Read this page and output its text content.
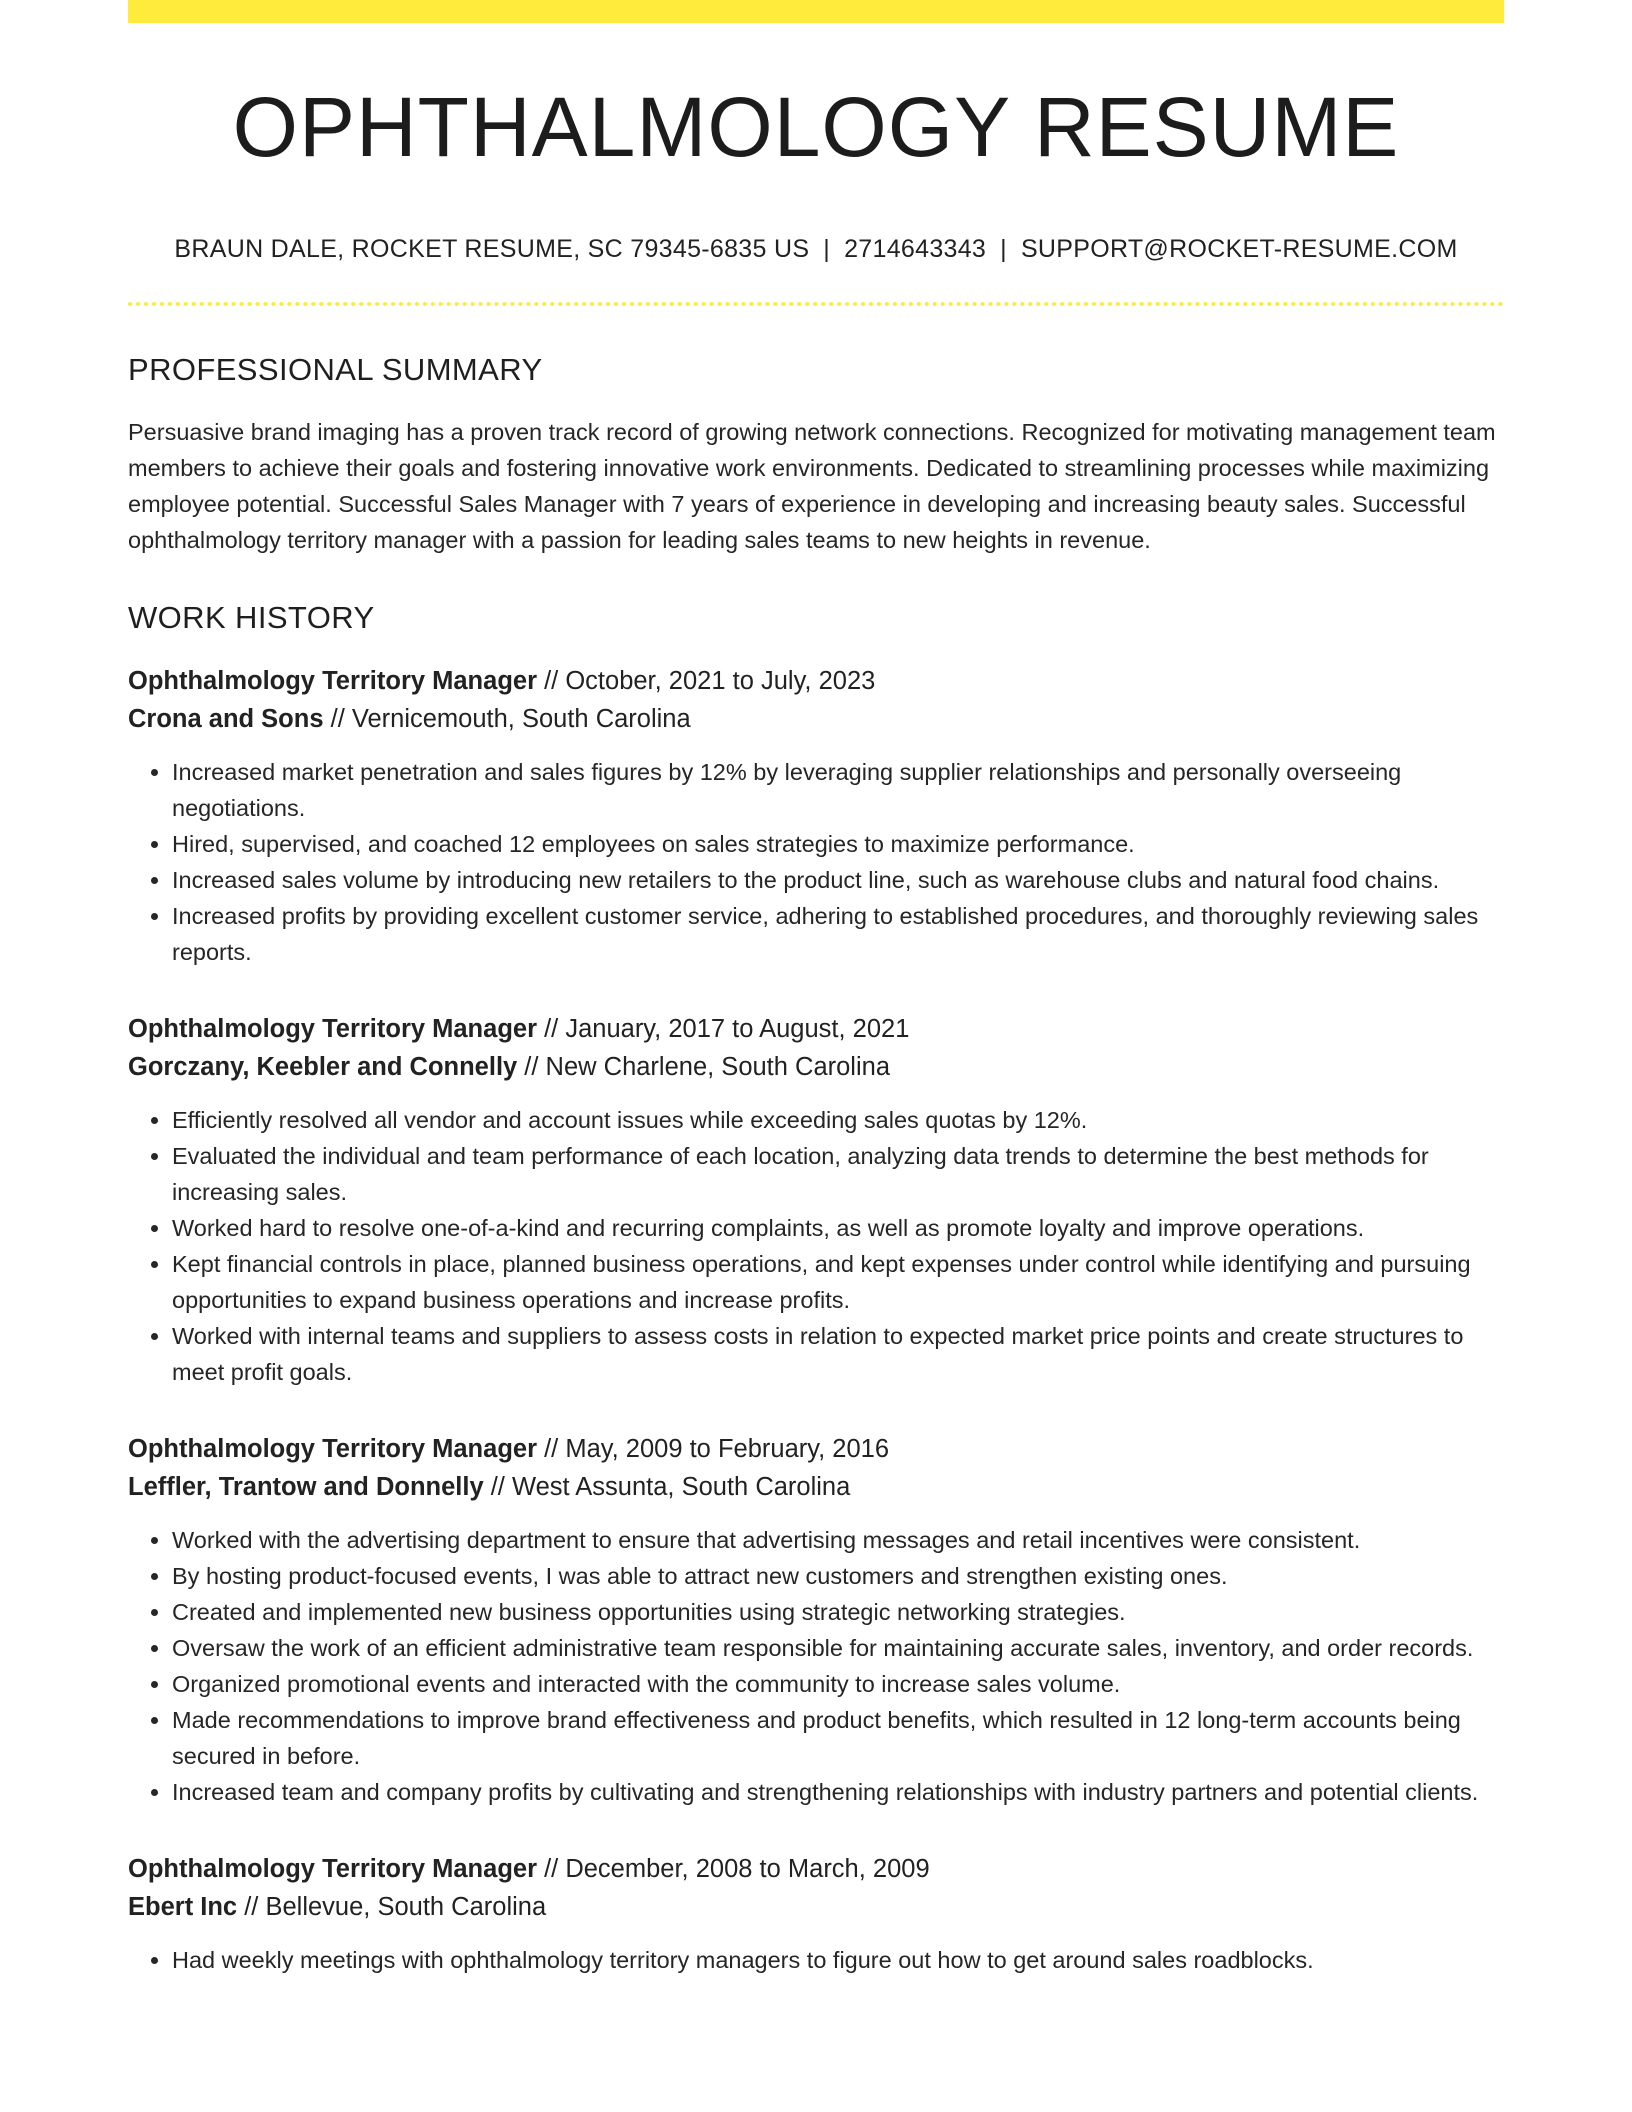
OPHTHALMOLOGY RESUME
BRAUN DALE, ROCKET RESUME, SC 79345-6835 US | 2714643343 | SUPPORT@ROCKET-RESUME.COM
PROFESSIONAL SUMMARY

Persuasive brand imaging has a proven track record of growing network connections. Recognized for motivating management team members to achieve their goals and fostering innovative work environments. Dedicated to streamlining processes while maximizing employee potential. Successful Sales Manager with 7 years of experience in developing and increasing beauty sales. Successful ophthalmology territory manager with a passion for leading sales teams to new heights in revenue.

WORK HISTORY
Ophthalmology Territory Manager // October, 2021 to July, 2023
Crona and Sons // Vernicemouth, South Carolina
• Increased market penetration and sales figures by 12% by leveraging supplier relationships and personally overseeing negotiations.
• Hired, supervised, and coached 12 employees on sales strategies to maximize performance.
• Increased sales volume by introducing new retailers to the product line, such as warehouse clubs and natural food chains.
• Increased profits by providing excellent customer service, adhering to established procedures, and thoroughly reviewing sales reports.
Ophthalmology Territory Manager // January, 2017 to August, 2021
Gorczany, Keebler and Connelly // New Charlene, South Carolina
• Efficiently resolved all vendor and account issues while exceeding sales quotas by 12%.
• Evaluated the individual and team performance of each location, analyzing data trends to determine the best methods for increasing sales.
• Worked hard to resolve one-of-a-kind and recurring complaints, as well as promote loyalty and improve operations.
• Kept financial controls in place, planned business operations, and kept expenses under control while identifying and pursuing opportunities to expand business operations and increase profits.
• Worked with internal teams and suppliers to assess costs in relation to expected market price points and create structures to meet profit goals.
Ophthalmology Territory Manager // May, 2009 to February, 2016
Leffler, Trantow and Donnelly // West Assunta, South Carolina
• Worked with the advertising department to ensure that advertising messages and retail incentives were consistent.
• By hosting product-focused events, I was able to attract new customers and strengthen existing ones.
• Created and implemented new business opportunities using strategic networking strategies.
• Oversaw the work of an efficient administrative team responsible for maintaining accurate sales, inventory, and order records.
• Organized promotional events and interacted with the community to increase sales volume.
• Made recommendations to improve brand effectiveness and product benefits, which resulted in 12 long-term accounts being secured in before.
• Increased team and company profits by cultivating and strengthening relationships with industry partners and potential clients.
Ophthalmology Territory Manager // December, 2008 to March, 2009
Ebert Inc // Bellevue, South Carolina
• Had weekly meetings with ophthalmology territory managers to figure out how to get around sales roadblocks.
